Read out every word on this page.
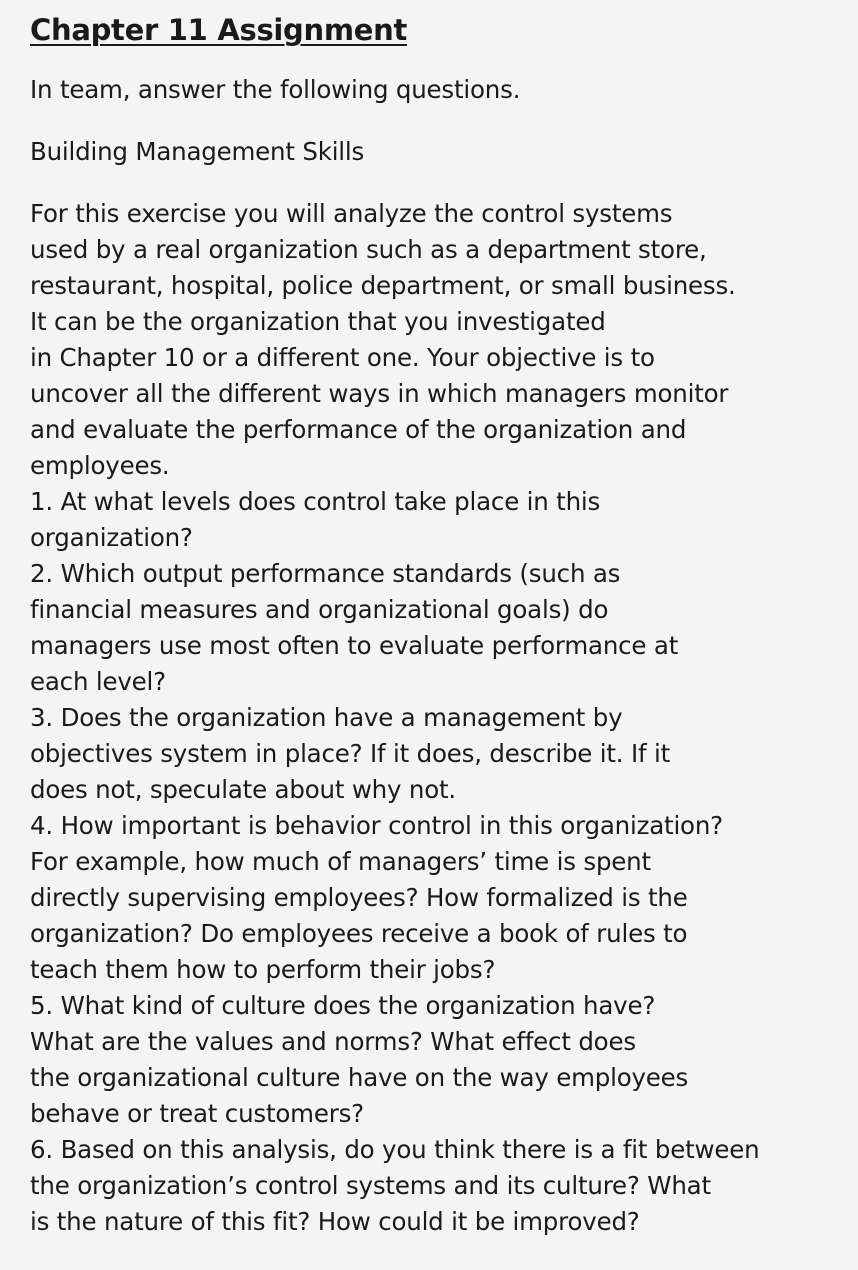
Chapter 11 Assignment

In team, answer the following questions.

Building Management Skills

For this exercise you will analyze the control systems
used by a real organization such as a department store,
restaurant, hospital, police department, or small business.
It can be the organization that you investigated
in Chapter 10 or a different one. Your objective is to
uncover all the different ways in which managers monitor
and evaluate the performance of the organization and
employees.
1. At what levels does control take place in this
organization?
2. Which output performance standards (such as
financial measures and organizational goals) do
managers use most often to evaluate performance at
each level?
3. Does the organization have a management by
objectives system in place? If it does, describe it. If it
does not, speculate about why not.
4. How important is behavior control in this organization?
For example, how much of managers’ time is spent
directly supervising employees? How formalized is the
organization? Do employees receive a book of rules to
teach them how to perform their jobs?
5. What kind of culture does the organization have?
What are the values and norms? What effect does
the organizational culture have on the way employees
behave or treat customers?
6. Based on this analysis, do you think there is a fit between
the organization’s control systems and its culture? What
is the nature of this fit? How could it be improved?
